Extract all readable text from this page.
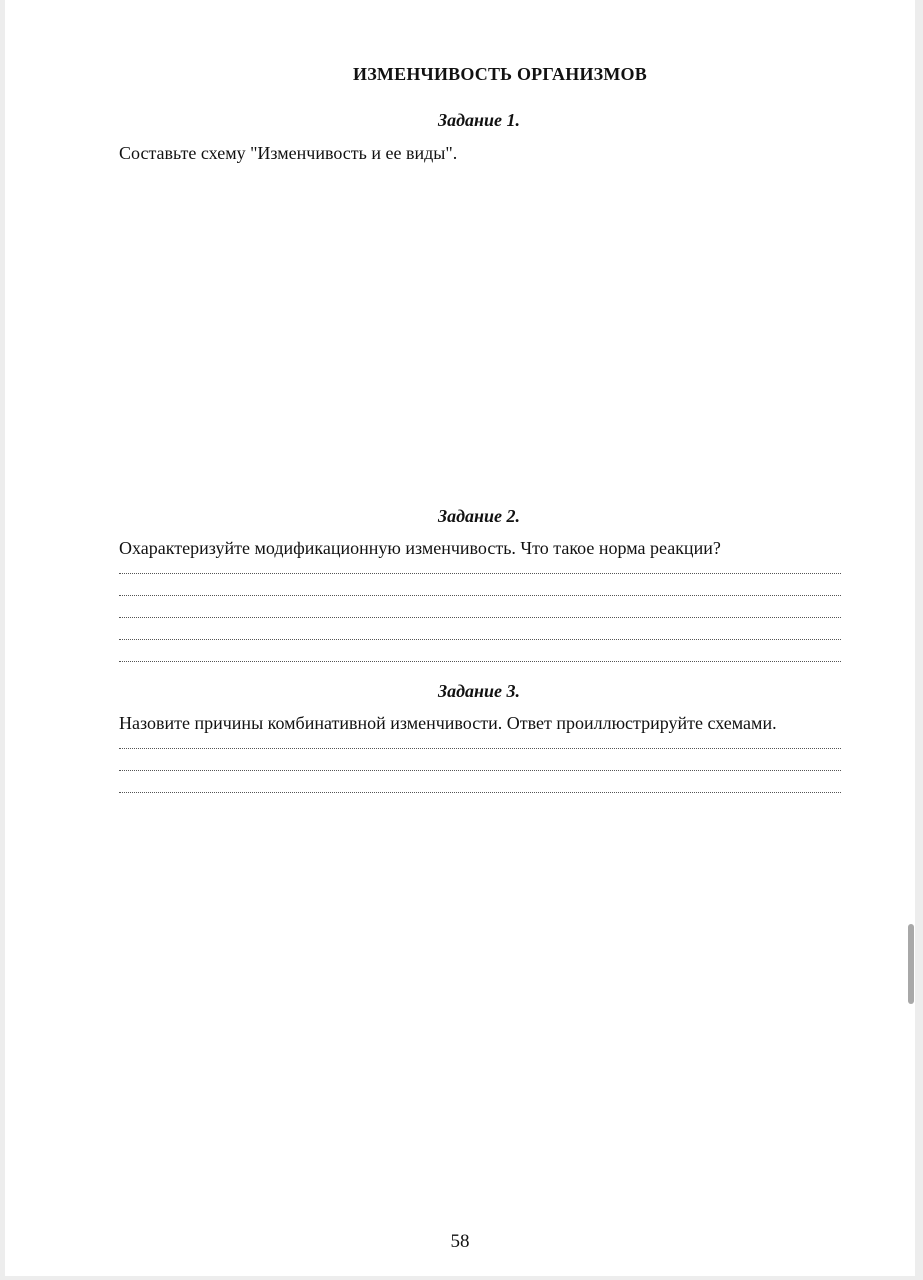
ИЗМЕНЧИВОСТЬ ОРГАНИЗМОВ
Задание 1.
Составьте схему "Изменчивость и ее виды".
Задание 2.
Охарактеризуйте модификационную изменчивость. Что такое норма реакции?
Задание 3.
Назовите причины комбинативной изменчивости. Ответ проиллюстрируйте схемами.
58
